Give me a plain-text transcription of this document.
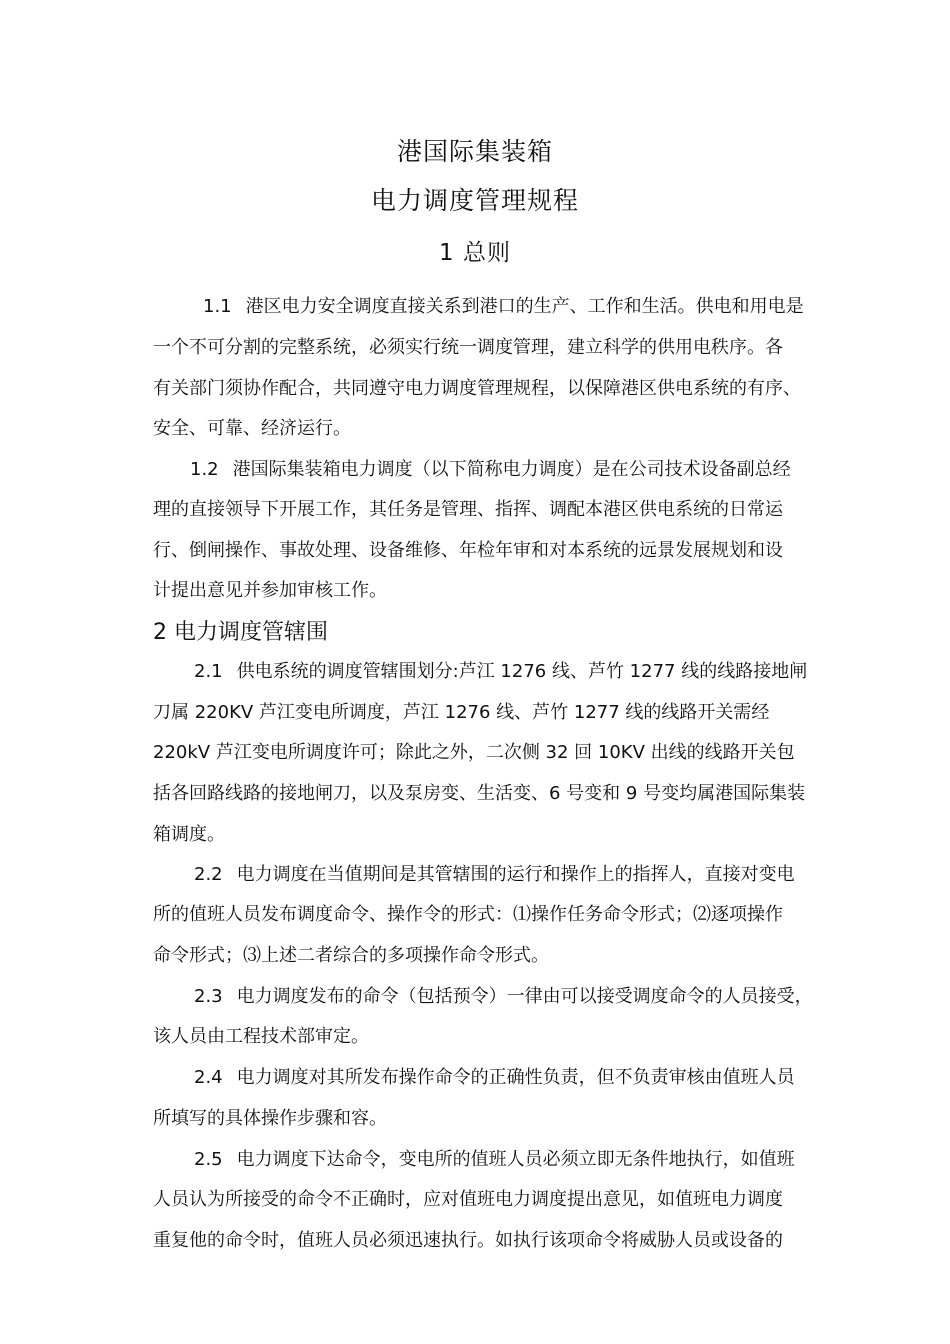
港国际集装箱
电力调度管理规程
1 总则
1.1 港区电力安全调度直接关系到港口的生产、工作和生活。供电和用电是
一个不可分割的完整系统，必须实行统一调度管理，建立科学的供用电秩序。各
有关部门须协作配合，共同遵守电力调度管理规程，以保障港区供电系统的有序、
安全、可靠、经济运行。
1.2 港国际集装箱电力调度（以下简称电力调度）是在公司技术设备副总经
理的直接领导下开展工作，其任务是管理、指挥、调配本港区供电系统的日常运
行、倒闸操作、事故处理、设备维修、年检年审和对本系统的远景发展规划和设
计提出意见并参加审核工作。
2 电力调度管辖围
2.1 供电系统的调度管辖围划分:芦江 1276 线、芦竹 1277 线的线路接地闸
刀属 220KV 芦江变电所调度，芦江 1276 线、芦竹 1277 线的线路开关需经
220kV 芦江变电所调度许可；除此之外，二次侧 32 回 10KV 出线的线路开关包
括各回路线路的接地闸刀，以及泵房变、生活变、6 号变和 9 号变均属港国际集装
箱调度。
2.2 电力调度在当值期间是其管辖围的运行和操作上的指挥人，直接对变电
所的值班人员发布调度命令、操作令的形式：⑴操作任务命令形式；⑵逐项操作
命令形式；⑶上述二者综合的多项操作命令形式。
2.3 电力调度发布的命令（包括预令）一律由可以接受调度命令的人员接受，
该人员由工程技术部审定。
2.4 电力调度对其所发布操作命令的正确性负责，但不负责审核由值班人员
所填写的具体操作步骤和容。
2.5 电力调度下达命令，变电所的值班人员必须立即无条件地执行，如值班
人员认为所接受的命令不正确时，应对值班电力调度提出意见，如值班电力调度
重复他的命令时，值班人员必须迅速执行。如执行该项命令将威胁人员或设备的
